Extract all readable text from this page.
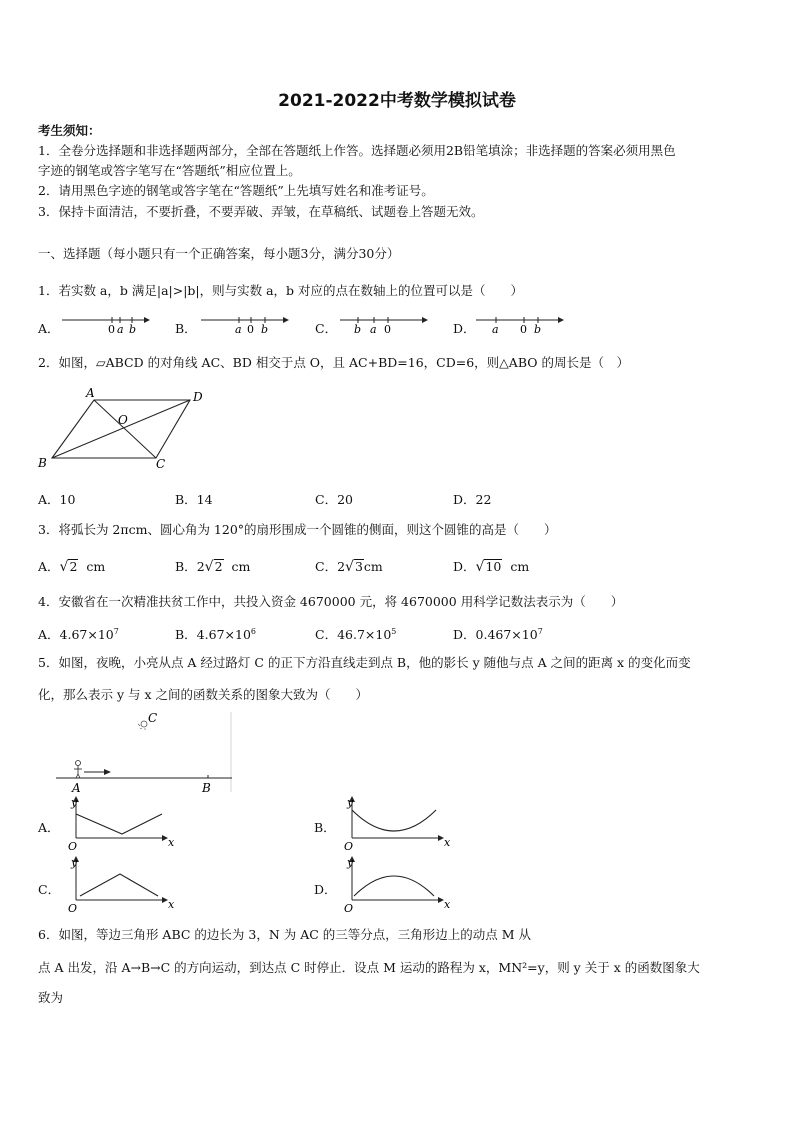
2021-2022中考数学模拟试卷
考生须知：
1．全卷分选择题和非选择题两部分，全部在答题纸上作答。选择题必须用2B铅笔填涂；非选择题的答案必须用黑色
字迹的钢笔或答字笔写在“答题纸”相应位置上。
2．请用黑色字迹的钢笔或答字笔在“答题纸”上先填写姓名和准考证号。
3．保持卡面清洁，不要折叠，不要弄破、弄皱，在草稿纸、试题卷上答题无效。
一、选择题（每小题只有一个正确答案，每小题3分，满分30分）
1．若实数 a，b 满足|a|>|b|，则与实数 a，b 对应的点在数轴上的位置可以是（　　）
A．	B．	C．	D．
0 a b	a 0 b	b a 0	a 0 b
2．如图，▱ABCD 的对角线 AC、BD 相交于点 O，且 AC+BD=16，CD=6，则△ABO 的周长是（　）
A	D
B	C
O
A．10	B．14	C．20	D．22
3．将弧长为 2πcm、圆心角为 120°的扇形围成一个圆锥的侧面，则这个圆锥的高是（　　）
A．√2 cm	B．2√2 cm	C．2√3cm	D．√10 cm
4．安徽省在一次精准扶贫工作中，共投入资金 4670000 元，将 4670000 用科学记数法表示为（　　）
A．$4.67\times 10^7$	B．$4.67\times 10^6$	C．$46.7\times 10^5$	D．$0.467\times 10^7$
5．如图，夜晚，小亮从点 A 经过路灯 C 的正下方沿直线走到点 B，他的影长 y 随他与点 A 之间的距离 x 的变化而变
化，那么表示 y 与 x 之间的函数关系的图象大致为（　　）
C
A	B
A．
y
x
O
B．
y
x
O
C．
y
x
O
D．
y
x
O
6．如图，等边三角形 ABC 的边长为 3，N 为 AC 的三等分点，三角形边上的动点 M 从
点 A 出发，沿 A→B→C 的方向运动，到达点 C 时停止．设点 M 运动的路程为 x，MN²=y，则 y 关于 x 的函数图象大
致为
